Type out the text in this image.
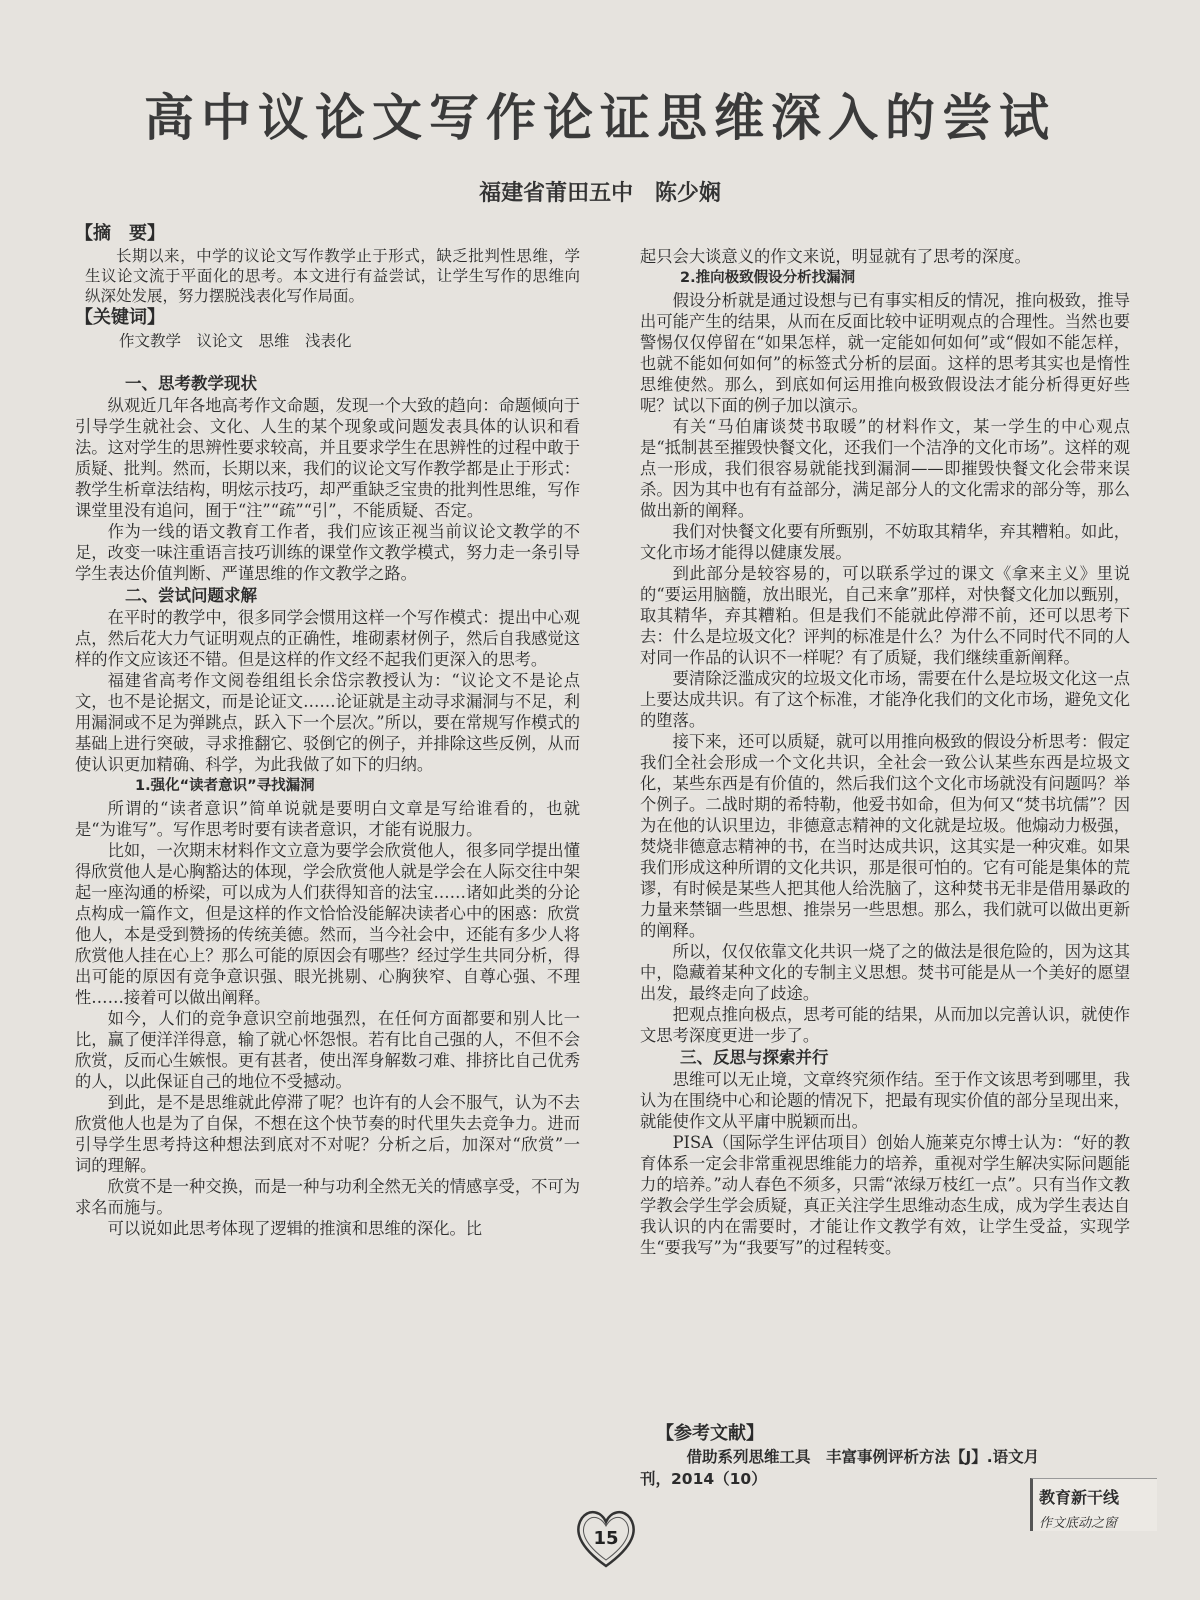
高中议论文写作论证思维深入的尝试
福建省莆田五中 陈少娴
【摘　要】

长期以来，中学的议论文写作教学止于形式，缺乏批判性思维，学生议论文流于平面化的思考。本文进行有益尝试，让学生写作的思维向纵深处发展，努力摆脱浅表化写作局面。

【关键词】
作文教学　议论文　思维　浅表化
一、思考教学现状

纵观近几年各地高考作文命题，发现一个大致的趋向：命题倾向于引导学生就社会、文化、人生的某个现象或问题发表具体的认识和看法。这对学生的思辨性要求较高，并且要求学生在思辨性的过程中敢于质疑、批判。然而，长期以来，我们的议论文写作教学都是止于形式：教学生析章法结构，明炫示技巧，却严重缺乏宝贵的批判性思维，写作课堂里没有追问，囿于“注”“疏”“引”，不能质疑、否定。

作为一线的语文教育工作者，我们应该正视当前议论文教学的不足，改变一味注重语言技巧训练的课堂作文教学模式，努力走一条引导学生表达价值判断、严谨思维的作文教学之路。

二、尝试问题求解

在平时的教学中，很多同学会惯用这样一个写作模式：提出中心观点，然后花大力气证明观点的正确性，堆砌素材例子，然后自我感觉这样的作文应该还不错。但是这样的作文经不起我们更深入的思考。

福建省高考作文阅卷组组长余岱宗教授认为：“议论文不是论点文，也不是论据文，而是论证文……论证就是主动寻求漏洞与不足，利用漏洞或不足为弹跳点，跃入下一个层次。”所以，要在常规写作模式的基础上进行突破，寻求推翻它、驳倒它的例子，并排除这些反例，从而使认识更加精确、科学，为此我做了如下的归纳。

1.强化“读者意识”寻找漏洞

所谓的“读者意识”简单说就是要明白文章是写给谁看的，也就是“为谁写”。写作思考时要有读者意识，才能有说服力。

比如，一次期末材料作文立意为要学会欣赏他人，很多同学提出懂得欣赏他人是心胸豁达的体现，学会欣赏他人就是学会在人际交往中架起一座沟通的桥梁，可以成为人们获得知音的法宝……诸如此类的分论点构成一篇作文，但是这样的作文恰恰没能解决读者心中的困惑：欣赏他人，本是受到赞扬的传统美德。然而，当今社会中，还能有多少人将欣赏他人挂在心上？那么可能的原因会有哪些？经过学生共同分析，得出可能的原因有竞争意识强、眼光挑剔、心胸狭窄、自尊心强、不理性……接着可以做出阐释。

如今，人们的竞争意识空前地强烈，在任何方面都要和别人比一比，赢了便洋洋得意，输了就心怀怨恨。若有比自己强的人，不但不会欣赏，反而心生嫉恨。更有甚者，使出浑身解数刁难、排挤比自己优秀的人，以此保证自己的地位不受撼动。

到此，是不是思维就此停滞了呢？也许有的人会不服气，认为不去欣赏他人也是为了自保，不想在这个快节奏的时代里失去竞争力。进而引导学生思考持这种想法到底对不对呢？分析之后，加深对“欣赏”一词的理解。

欣赏不是一种交换，而是一种与功利全然无关的情感享受，不可为求名而施与。

可以说如此思考体现了逻辑的推演和思维的深化。比

起只会大谈意义的作文来说，明显就有了思考的深度。

2.推向极致假设分析找漏洞

假设分析就是通过设想与已有事实相反的情况，推向极致，推导出可能产生的结果，从而在反面比较中证明观点的合理性。当然也要警惕仅仅停留在“如果怎样，就一定能如何如何”或“假如不能怎样，也就不能如何如何”的标签式分析的层面。这样的思考其实也是惰性思维使然。那么，到底如何运用推向极致假设法才能分析得更好些呢？试以下面的例子加以演示。

有关“马伯庸谈焚书取暖”的材料作文，某一学生的中心观点是“抵制甚至摧毁快餐文化，还我们一个洁净的文化市场”。这样的观点一形成，我们很容易就能找到漏洞——即摧毁快餐文化会带来误杀。因为其中也有有益部分，满足部分人的文化需求的部分等，那么做出新的阐释。

我们对快餐文化要有所甄别，不妨取其精华，弃其糟粕。如此，文化市场才能得以健康发展。

到此部分是较容易的，可以联系学过的课文《拿来主义》里说的“要运用脑髓，放出眼光，自己来拿”那样，对快餐文化加以甄别，取其精华，弃其糟粕。但是我们不能就此停滞不前，还可以思考下去：什么是垃圾文化？评判的标准是什么？为什么不同时代不同的人对同一作品的认识不一样呢？有了质疑，我们继续重新阐释。

要清除泛滥成灾的垃圾文化市场，需要在什么是垃圾文化这一点上要达成共识。有了这个标准，才能净化我们的文化市场，避免文化的堕落。

接下来，还可以质疑，就可以用推向极致的假设分析思考：假定我们全社会形成一个文化共识，全社会一致公认某些东西是垃圾文化，某些东西是有价值的，然后我们这个文化市场就没有问题吗？举个例子。二战时期的希特勒，他爱书如命，但为何又“焚书坑儒”？因为在他的认识里边，非德意志精神的文化就是垃圾。他煽动力极强，焚烧非德意志精神的书，在当时达成共识，这其实是一种灾难。如果我们形成这种所谓的文化共识，那是很可怕的。它有可能是集体的荒谬，有时候是某些人把其他人给洗脑了，这种焚书无非是借用暴政的力量来禁锢一些思想、推崇另一些思想。那么，我们就可以做出更新的阐释。

所以，仅仅依靠文化共识一烧了之的做法是很危险的，因为这其中，隐藏着某种文化的专制主义思想。焚书可能是从一个美好的愿望出发，最终走向了歧途。

把观点推向极点，思考可能的结果，从而加以完善认识，就使作文思考深度更进一步了。

三、反思与探索并行

思维可以无止境，文章终究须作结。至于作文该思考到哪里，我认为在围绕中心和论题的情况下，把最有现实价值的部分呈现出来，就能使作文从平庸中脱颖而出。

PISA（国际学生评估项目）创始人施莱克尔博士认为：“好的教育体系一定会非常重视思维能力的培养，重视对学生解决实际问题能力的培养。”动人春色不须多，只需“浓绿万枝红一点”。只有当作文教学教会学生学会质疑，真正关注学生思维动态生成，成为学生表达自我认识的内在需要时，才能让作文教学有效，让学生受益，实现学生“要我写”为“我要写”的过程转变。

【参考文献】

借助系列思维工具　丰富事例评析方法【J】.语文月

刊，2014（10）

15
教育新干线
作文底动之窗
